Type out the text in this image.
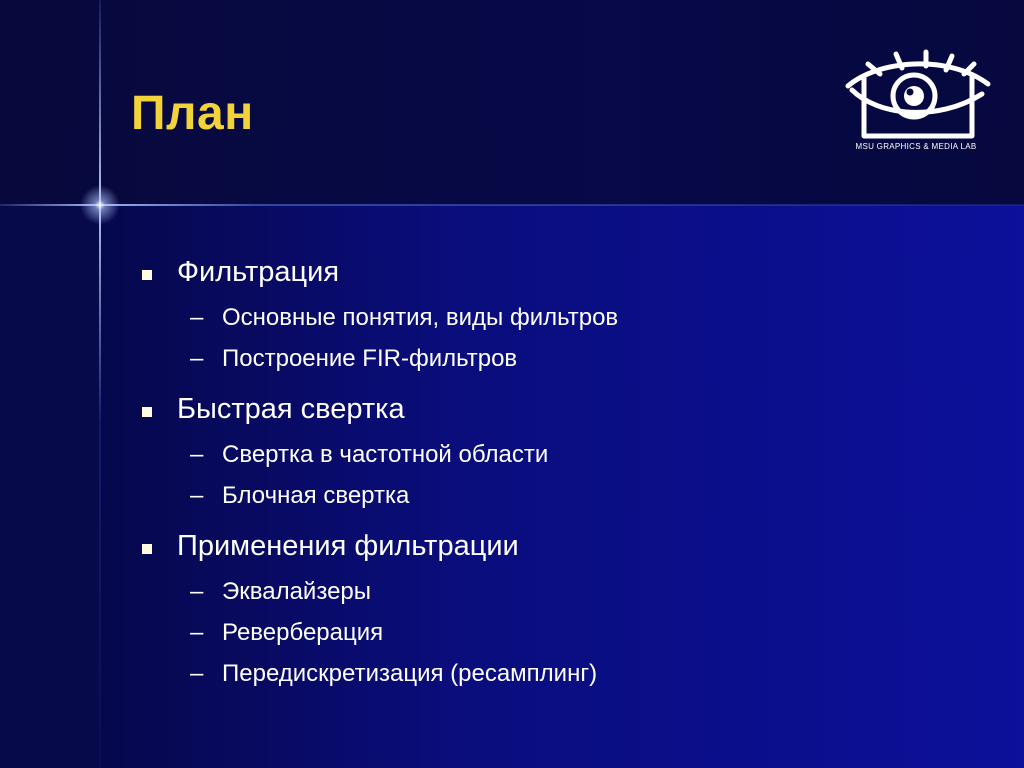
План
MSU GRAPHICS & MEDIA LAB
Фильтрация
– Основные понятия, виды фильтров
– Построение FIR-фильтров
Быстрая свертка
– Свертка в частотной области
– Блочная свертка
Применения фильтрации
– Эквалайзеры
– Реверберация
– Передискретизация (ресамплинг)
